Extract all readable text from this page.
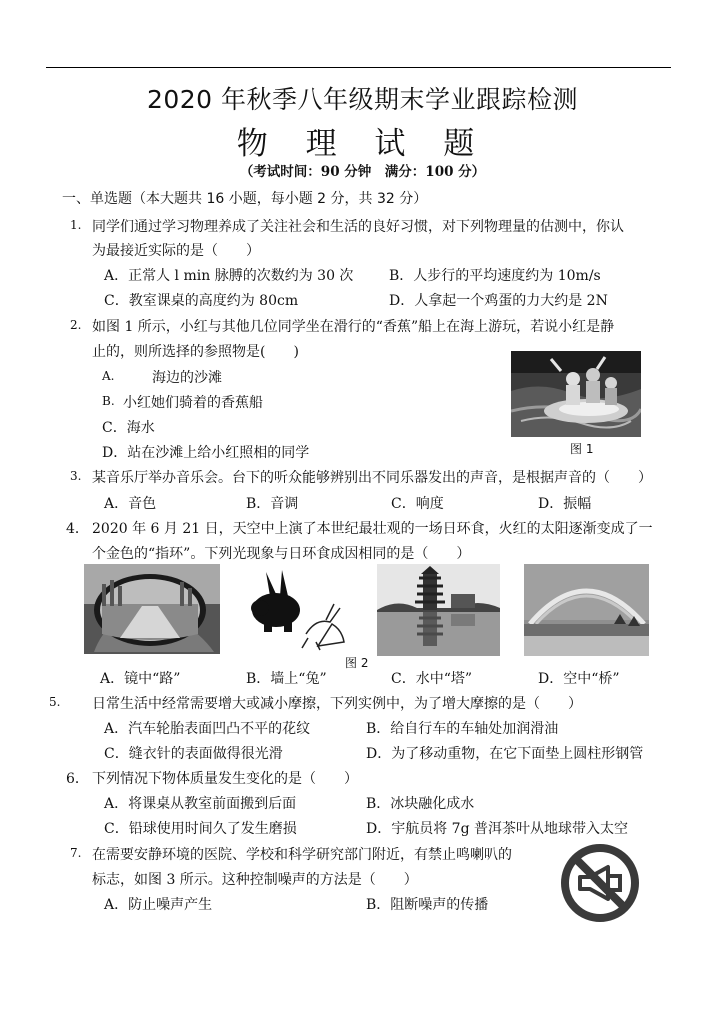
2020 年秋季八年级期末学业跟踪检测
物 理 试 题
（考试时间：90 分钟　满分：100 分）
一、单选题（本大题共 16 小题，每小题 2 分，共 32 分）
1. 同学们通过学习物理养成了关注社会和生活的良好习惯，对下列物理量的估测中，你认
为最接近实际的是（　　）
A．正常人 l min 脉膊的次数约为 30 次	B．人步行的平均速度约为 10m/s
C．教室课桌的高度约为 80cm	D．人拿起一个鸡蛋的力大约是 2N
2. 如图 1 所示，小红与其他几位同学坐在滑行的“香蕉”船上在海上游玩，若说小红是静
止的，则所选择的参照物是(　　)
A.	海边的沙滩
B. 小红她们骑着的香蕉船
C．海水
D．站在沙滩上给小红照相的同学	图 1
3. 某音乐厅举办音乐会。台下的听众能够辨别出不同乐器发出的声音，是根据声音的（　　）
A．音色	B．音调	C．响度	D．振幅
4． 2020 年 6 月 21 日，天空中上演了本世纪最壮观的一场日环食，火红的太阳逐渐变成了一
个金色的“指环”。下列光现象与日环食成因相同的是（　　）
图 2
A．镜中“路”	B．墙上“兔”	C．水中“塔”	D．空中“桥”
5. 日常生活中经常需要增大或减小摩擦，下列实例中，为了增大摩擦的是（　　）
A．汽车轮胎表面凹凸不平的花纹	B．给自行车的车轴处加润滑油
C．缝衣针的表面做得很光滑	D．为了移动重物，在它下面垫上圆柱形钢管
6． 下列情况下物体质量发生变化的是（　　）
A．将课桌从教室前面搬到后面	B．冰块融化成水
C．铅球使用时间久了发生磨损	D．宇航员将 7g 普洱茶叶从地球带入太空
7. 在需要安静环境的医院、学校和科学研究部门附近，有禁止鸣喇叭的
标志，如图 3 所示。这种控制噪声的方法是（　　）
A．防止噪声产生	B．阻断噪声的传播
